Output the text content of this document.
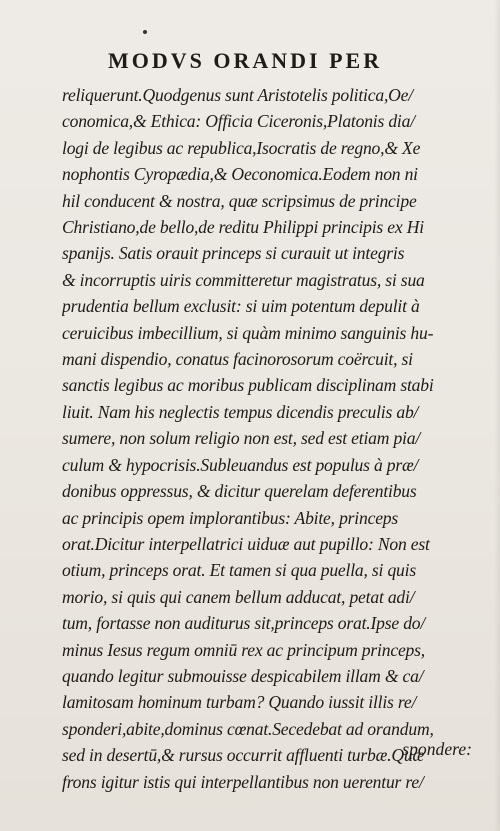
MODVS ORANDI PER
reliquerunt.Quodgenus sunt Aristotelis politica,Oe/
conomica,& Ethica: Officia Ciceronis,Platonis dia/
logi de legibus ac republica,Isocratis de regno,& Xe
nophontis Cyropædia,& Oeconomica.Eodem non ni
hil conducent & nostra, quæ scripsimus de principe
Christiano,de bello,de reditu Philippi principis ex Hi
spanijs. Satis orauit princeps si curauit ut integris
& incorruptis uiris committeretur magistratus, si sua
prudentia bellum exclusit: si uim potentum depulit à
ceruicibus imbecillium, si quàm minimo sanguinis hu-
mani dispendio, conatus facinorosorum coërcuit, si
sanctis legibus ac moribus publicam disciplinam stabi
liuit. Nam his neglectis tempus dicendis preculis ab/
sumere, non solum religio non est, sed est etiam pia/
culum & hypocrisis.Subleuandus est populus à præ/
donibus oppressus, & dicitur querelam deferentibus
ac principis opem implorantibus: Abite, princeps
orat.Dicitur interpellatrici uiduæ aut pupillo: Non est
otium, princeps orat. Et tamen si qua puella, si quis
morio, si quis qui canem bellum adducat, petat adi/
tum, fortasse non auditurus sit,princeps orat.Ipse do/
minus Iesus regum omniū rex ac principum princeps,
quando legitur submouisse despicabilem illam & ca/
lamitosam hominum turbam? Quando iussit illis re/
sponderi,abite,dominus cœnat.Secedebat ad orandum,
sed in desertū,& rursus occurrit affluenti turbæ.Quæ
frons igitur istis qui interpellantibus non uerentur re/
spondere:
